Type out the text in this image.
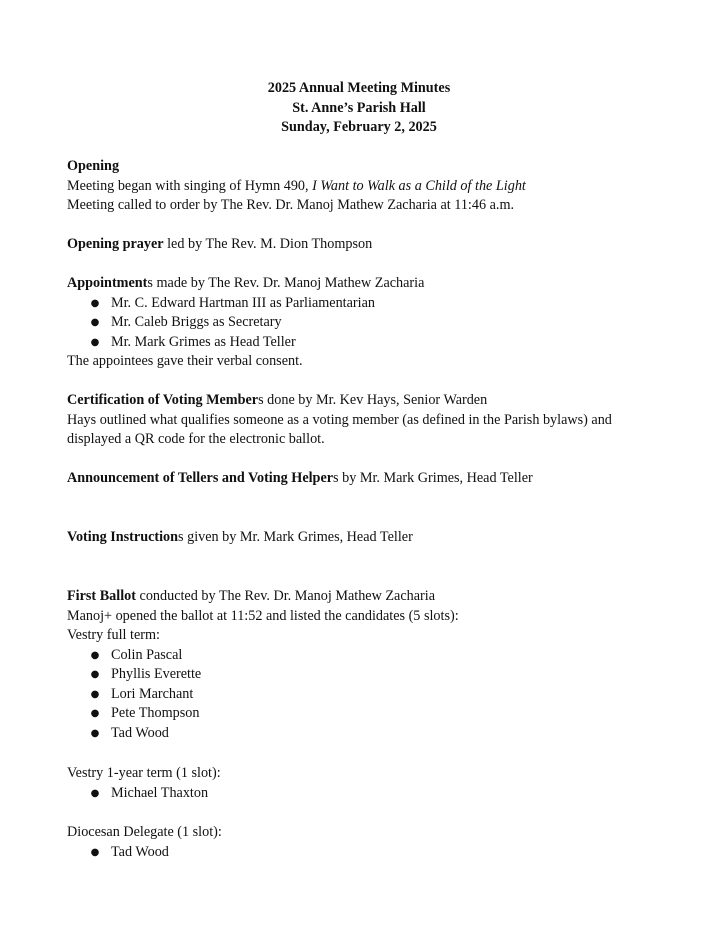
2025 Annual Meeting Minutes
St. Anne’s Parish Hall
Sunday, February 2, 2025
Opening
Meeting began with singing of Hymn 490, I Want to Walk as a Child of the Light
Meeting called to order by The Rev. Dr. Manoj Mathew Zacharia at 11:46 a.m.
Opening prayer led by The Rev. M. Dion Thompson
Appointments made by The Rev. Dr. Manoj Mathew Zacharia
● Mr. C. Edward Hartman III as Parliamentarian
● Mr. Caleb Briggs as Secretary
● Mr. Mark Grimes as Head Teller
The appointees gave their verbal consent.
Certification of Voting Members done by Mr. Kev Hays, Senior Warden
Hays outlined what qualifies someone as a voting member (as defined in the Parish bylaws) and
displayed a QR code for the electronic ballot.
Announcement of Tellers and Voting Helpers by Mr. Mark Grimes, Head Teller
Voting Instructions given by Mr. Mark Grimes, Head Teller
First Ballot conducted by The Rev. Dr. Manoj Mathew Zacharia
Manoj+ opened the ballot at 11:52 and listed the candidates (5 slots):
Vestry full term:
● Colin Pascal
● Phyllis Everette
● Lori Marchant
● Pete Thompson
● Tad Wood
Vestry 1-year term (1 slot):
● Michael Thaxton
Diocesan Delegate (1 slot):
● Tad Wood
